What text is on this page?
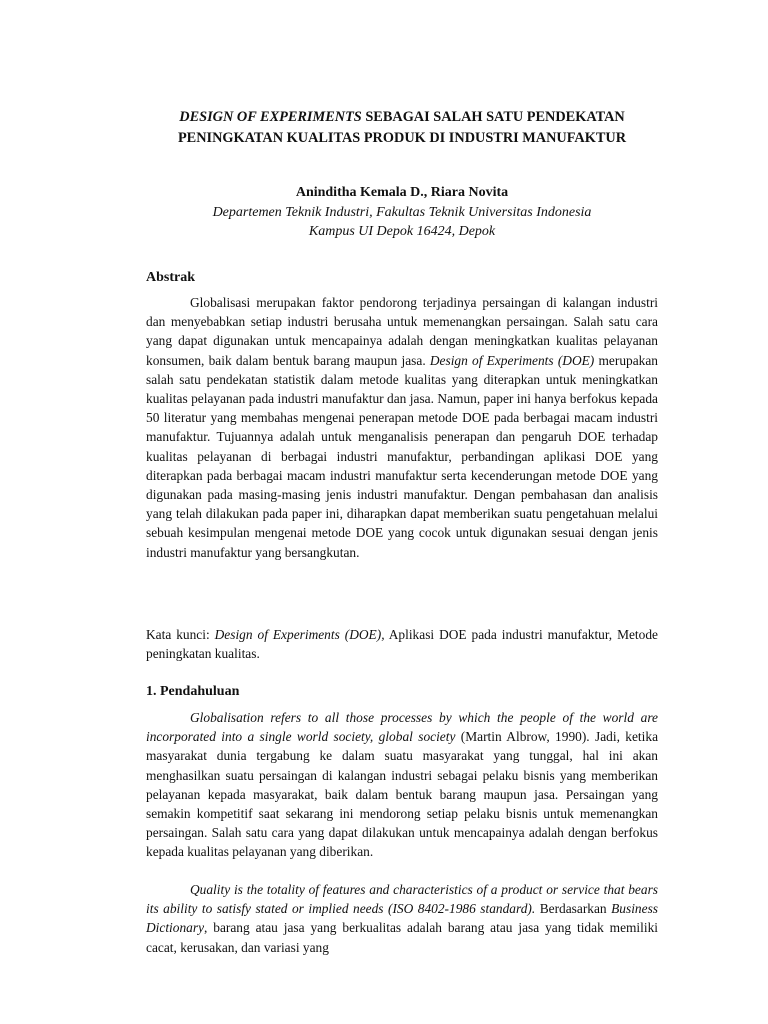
DESIGN OF EXPERIMENTS SEBAGAI SALAH SATU PENDEKATAN
PENINGKATAN KUALITAS PRODUK DI INDUSTRI MANUFAKTUR
Aninditha Kemala D., Riara Novita
Departemen Teknik Industri, Fakultas Teknik Universitas Indonesia
Kampus UI Depok 16424, Depok
Abstrak
Globalisasi merupakan faktor pendorong terjadinya persaingan di kalangan industri dan menyebabkan setiap industri berusaha untuk memenangkan persaingan. Salah satu cara yang dapat digunakan untuk mencapainya adalah dengan meningkatkan kualitas pelayanan konsumen, baik dalam bentuk barang maupun jasa. Design of Experiments (DOE) merupakan salah satu pendekatan statistik dalam metode kualitas yang diterapkan untuk meningkatkan kualitas pelayanan pada industri manufaktur dan jasa. Namun, paper ini hanya berfokus kepada 50 literatur yang membahas mengenai penerapan metode DOE pada berbagai macam industri manufaktur. Tujuannya adalah untuk menganalisis penerapan dan pengaruh DOE terhadap kualitas pelayanan di berbagai industri manufaktur, perbandingan aplikasi DOE yang diterapkan pada berbagai macam industri manufaktur serta kecenderungan metode DOE yang digunakan pada masing-masing jenis industri manufaktur. Dengan pembahasan dan analisis yang telah dilakukan pada paper ini, diharapkan dapat memberikan suatu pengetahuan melalui sebuah kesimpulan mengenai metode DOE yang cocok untuk digunakan sesuai dengan jenis industri manufaktur yang bersangkutan.
Kata kunci: Design of Experiments (DOE), Aplikasi DOE pada industri manufaktur, Metode peningkatan kualitas.
1. Pendahuluan
Globalisation refers to all those processes by which the people of the world are incorporated into a single world society, global society (Martin Albrow, 1990). Jadi, ketika masyarakat dunia tergabung ke dalam suatu masyarakat yang tunggal, hal ini akan menghasilkan suatu persaingan di kalangan industri sebagai pelaku bisnis yang memberikan pelayanan kepada masyarakat, baik dalam bentuk barang maupun jasa. Persaingan yang semakin kompetitif saat sekarang ini mendorong setiap pelaku bisnis untuk memenangkan persaingan. Salah satu cara yang dapat dilakukan untuk mencapainya adalah dengan berfokus kepada kualitas pelayanan yang diberikan.
Quality is the totality of features and characteristics of a product or service that bears its ability to satisfy stated or implied needs (ISO 8402-1986 standard). Berdasarkan Business Dictionary, barang atau jasa yang berkualitas adalah barang atau jasa yang tidak memiliki cacat, kerusakan, dan variasi yang
